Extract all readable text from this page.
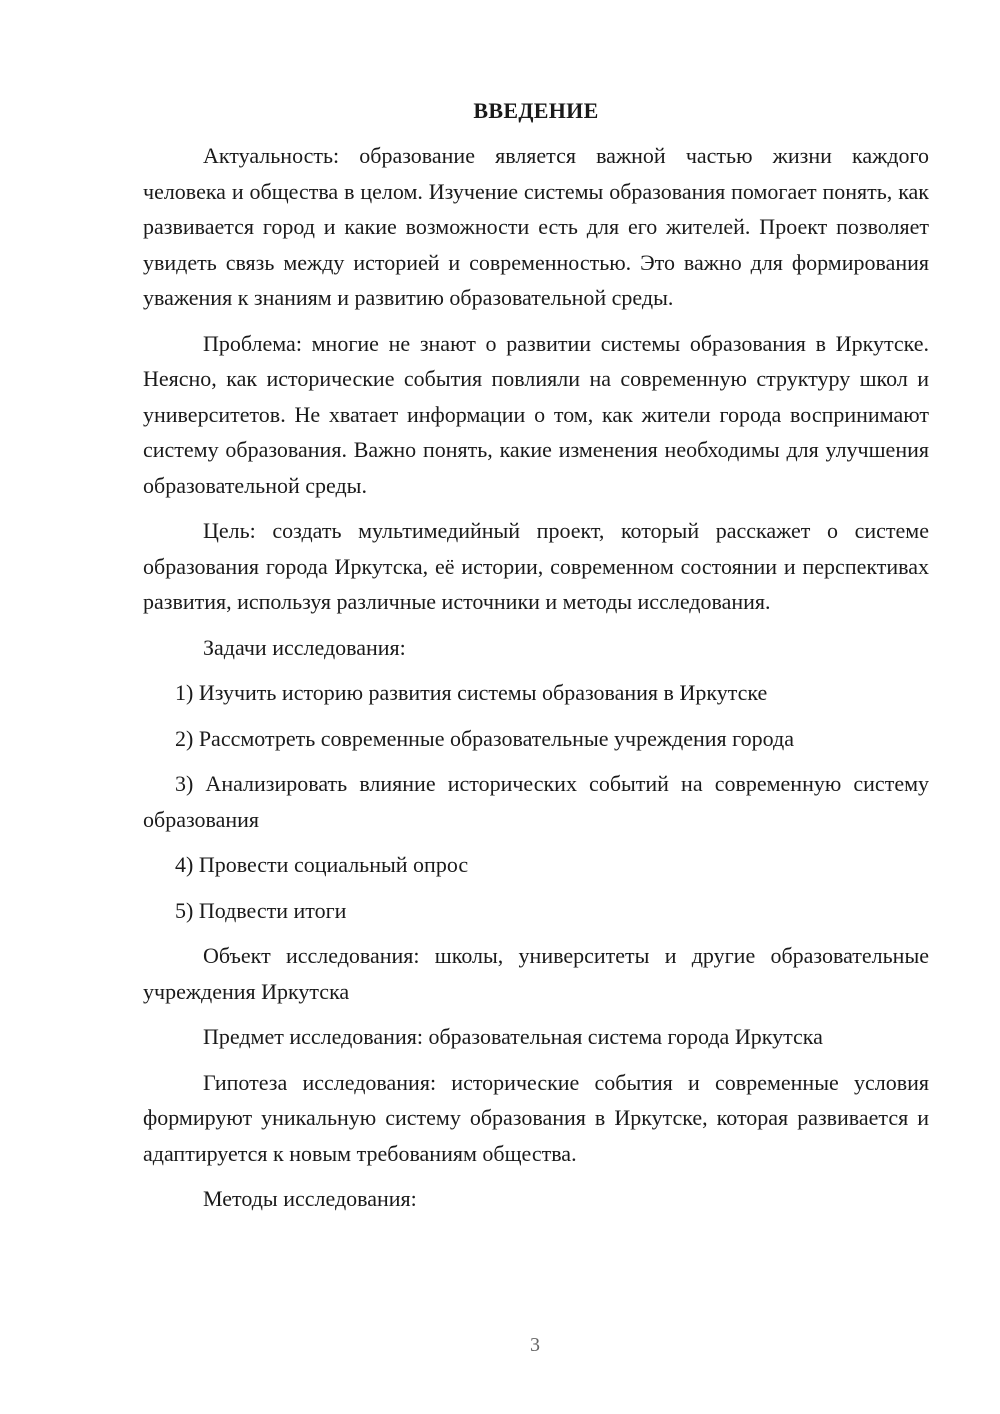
ВВЕДЕНИЕ

Актуальность: образование является важной частью жизни каждого человека и общества в целом. Изучение системы образования помогает понять, как развивается город и какие возможности есть для его жителей. Проект позволяет увидеть связь между историей и современностью. Это важно для формирования уважения к знаниям и развитию образовательной среды.

Проблема: многие не знают о развитии системы образования в Иркутске. Неясно, как исторические события повлияли на современную структуру школ и университетов. Не хватает информации о том, как жители города воспринимают систему образования. Важно понять, какие изменения необходимы для улучшения образовательной среды.

Цель: создать мультимедийный проект, который расскажет о системе образования города Иркутска, её истории, современном состоянии и перспективах развития, используя различные источники и методы исследования.

Задачи исследования:

1) Изучить историю развития системы образования в Иркутске

2) Рассмотреть современные образовательные учреждения города

3) Анализировать влияние исторических событий на современную систему образования

4) Провести социальный опрос

5) Подвести итоги

Объект исследования: школы, университеты и другие образовательные учреждения Иркутска

Предмет исследования: образовательная система города Иркутска

Гипотеза исследования: исторические события и современные условия формируют уникальную систему образования в Иркутске, которая развивается и адаптируется к новым требованиям общества.

Методы исследования:

3
